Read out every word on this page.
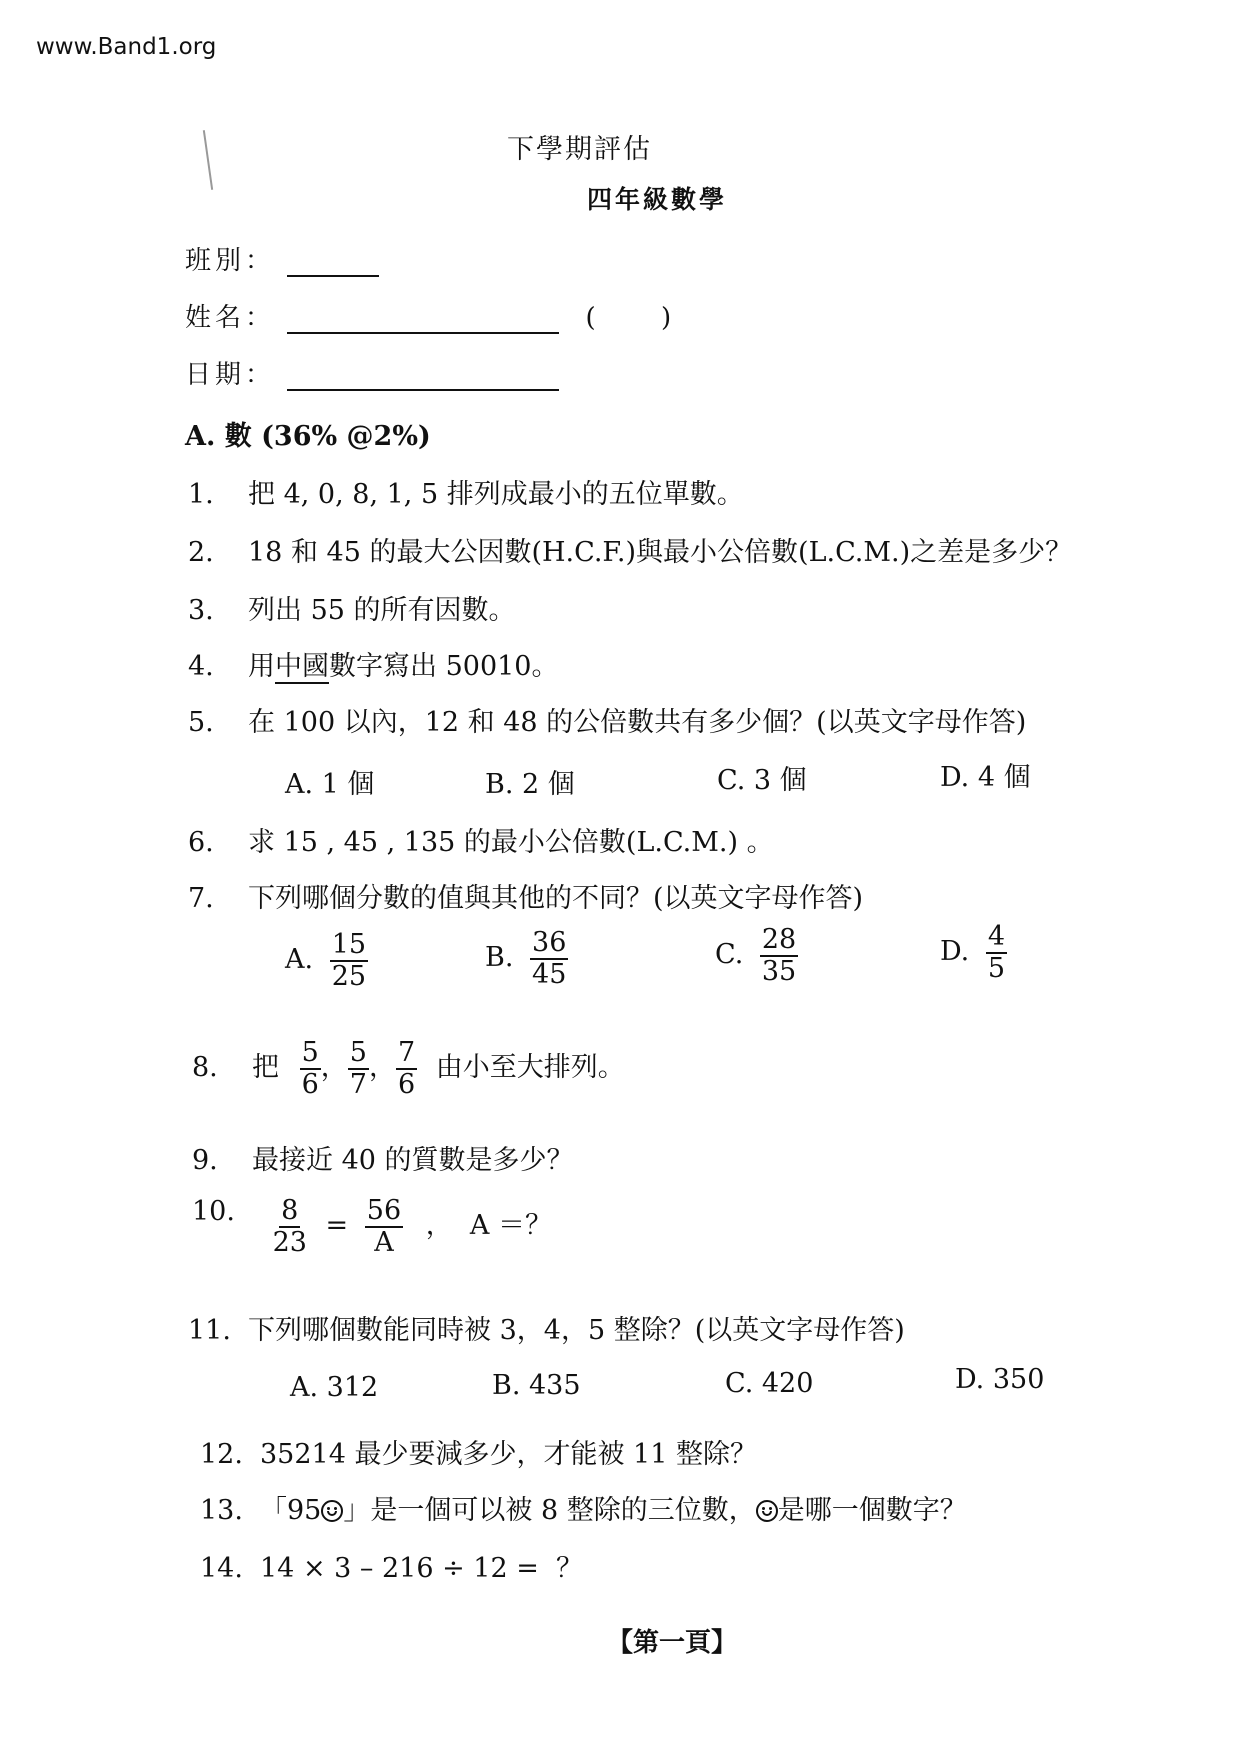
www.Band1.org
下學期評估
四年級數學
班別：
姓名：	(     )
日期：
A. 數 (36% @2%)
1. 把 4, 0, 8, 1, 5 排列成最小的五位單數。
2. 18 和 45 的最大公因數(H.C.F.)與最小公倍數(L.C.M.)之差是多少？
3. 列出 55 的所有因數。
4. 用中國數字寫出 50010。
5. 在 100 以內，12 和 48 的公倍數共有多少個？(以英文字母作答)
A. 1 個	B. 2 個	C. 3 個	D. 4 個
6. 求 15 , 45 , 135 的最小公倍數(L.C.M.) 。
7. 下列哪個分數的值與其他的不同？(以英文字母作答)
A. $\frac{15}{25}$	B. $\frac{36}{45}$	C. $\frac{28}{35}$	D. $\frac{4}{5}$
8. 把 $\frac{5}{6}$ ， $\frac{5}{7}$ ， $\frac{7}{6}$ 由小至大排列。
9. 最接近 40 的質數是多少？
10. $\frac{8}{23} = \frac{56}{A}$ ，  A ＝？
11. 下列哪個數能同時被 3，4，5 整除？(以英文字母作答)
A. 312	B. 435	C. 420	D. 350
12. 35214 最少要減多少，才能被 11 整除？
13. 「95 」是一個可以被 8 整除的三位數， 是哪一個數字？
14. 14 × 3 – 216 ÷ 12 =  ？
【第一頁】
